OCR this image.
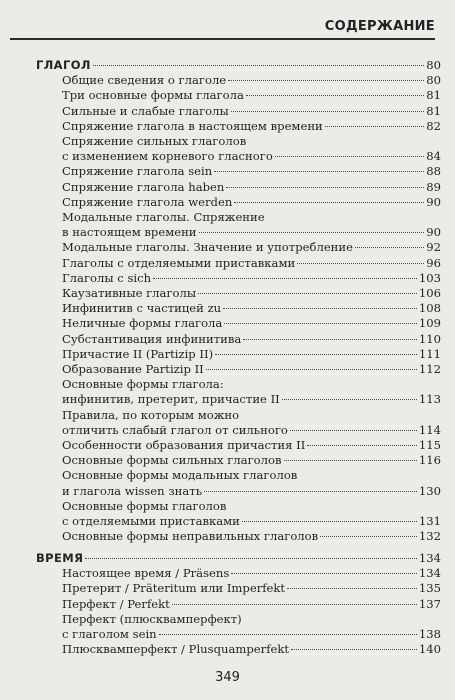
СОДЕРЖАНИЕ
ГЛАГОЛ	80
Общие сведения о глаголе	80
Три основные формы глагола	81
Сильные и слабые глаголы	81
Спряжение глагола в настоящем времени	82
Спряжение сильных глаголов
с изменением корневого гласного	84
Спряжение глагола sein	88
Спряжение глагола haben	89
Спряжение глагола werden	90
Модальные глаголы. Спряжение
в настоящем времени	90
Модальные глаголы. Значение и употребление	92
Глаголы с отделяемыми приставками	96
Глаголы с sich	103
Каузативные глаголы	106
Инфинитив с частицей zu	108
Неличные формы глагола	109
Субстантивация инфинитива	110
Причастие II (Partizip II)	111
Образование Partizip II	112
Основные формы глагола:
инфинитив, претерит, причастие II	113
Правила, по которым можно
отличить слабый глагол от сильного	114
Особенности образования причастия II	115
Основные формы сильных глаголов	116
Основные формы модальных глаголов
и глагола wissen знать	130
Основные формы глаголов
с отделяемыми приставками	131
Основные формы неправильных глаголов	132
ВРЕМЯ	134
Настоящее время / Präsens	134
Претерит / Präteritum или Imperfekt	135
Перфект / Perfekt	137
Перфект (плюсквамперфект)
с глаголом sein	138
Плюсквамперфект / Plusquamperfekt	140
349
